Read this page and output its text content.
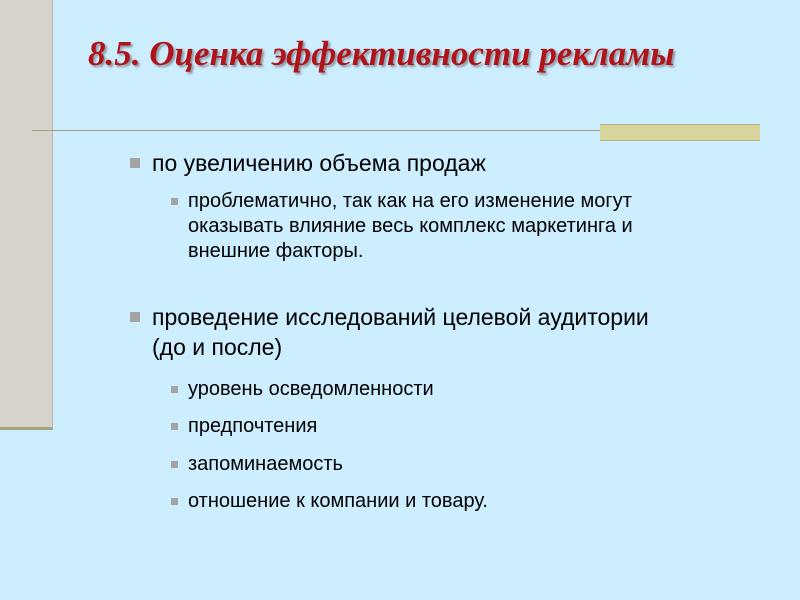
8.5. Оценка эффективности рекламы
по увеличению объема продаж
проблематично, так как на его изменение могут оказывать влияние весь комплекс маркетинга и внешние факторы.
проведение исследований целевой аудитории (до и после)
уровень осведомленности
предпочтения
запоминаемость
отношение к компании и товару.
